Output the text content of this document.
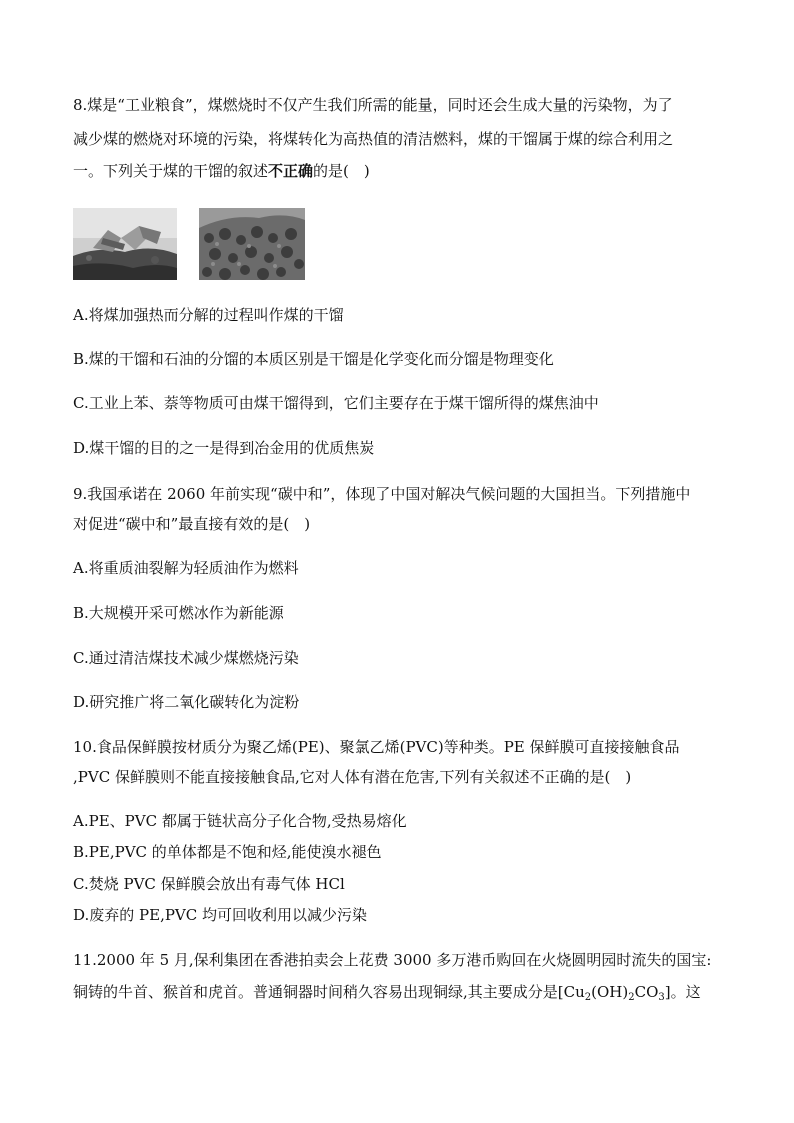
8.煤是“工业粮食”，煤燃烧时不仅产生我们所需的能量，同时还会生成大量的污染物，为了
减少煤的燃烧对环境的污染，将煤转化为高热值的清洁燃料，煤的干馏属于煤的综合利用之
一。下列关于煤的干馏的叙述不正确的是(　)
A.将煤加强热而分解的过程叫作煤的干馏
B.煤的干馏和石油的分馏的本质区别是干馏是化学变化而分馏是物理变化
C.工业上苯、萘等物质可由煤干馏得到，它们主要存在于煤干馏所得的煤焦油中
D.煤干馏的目的之一是得到冶金用的优质焦炭
9.我国承诺在 2060 年前实现“碳中和”，体现了中国对解决气候问题的大国担当。下列措施中
对促进“碳中和”最直接有效的是(　)
A.将重质油裂解为轻质油作为燃料
B.大规模开采可燃冰作为新能源
C.通过清洁煤技术减少煤燃烧污染
D.研究推广将二氧化碳转化为淀粉
10.食品保鲜膜按材质分为聚乙烯(PE)、聚氯乙烯(PVC)等种类。PE 保鲜膜可直接接触食品
,PVC 保鲜膜则不能直接接触食品,它对人体有潜在危害,下列有关叙述不正确的是(　)
A.PE、PVC 都属于链状高分子化合物,受热易熔化
B.PE,PVC 的单体都是不饱和烃,能使溴水褪色
C.焚烧 PVC 保鲜膜会放出有毒气体 HCl
D.废弃的 PE,PVC 均可回收利用以减少污染
11.2000 年 5 月,保利集团在香港拍卖会上花费 3000 多万港币购回在火烧圆明园时流失的国宝:
铜铸的牛首、猴首和虎首。普通铜器时间稍久容易出现铜绿,其主要成分是$[Cu_2(OH)_2CO_3]$。这
